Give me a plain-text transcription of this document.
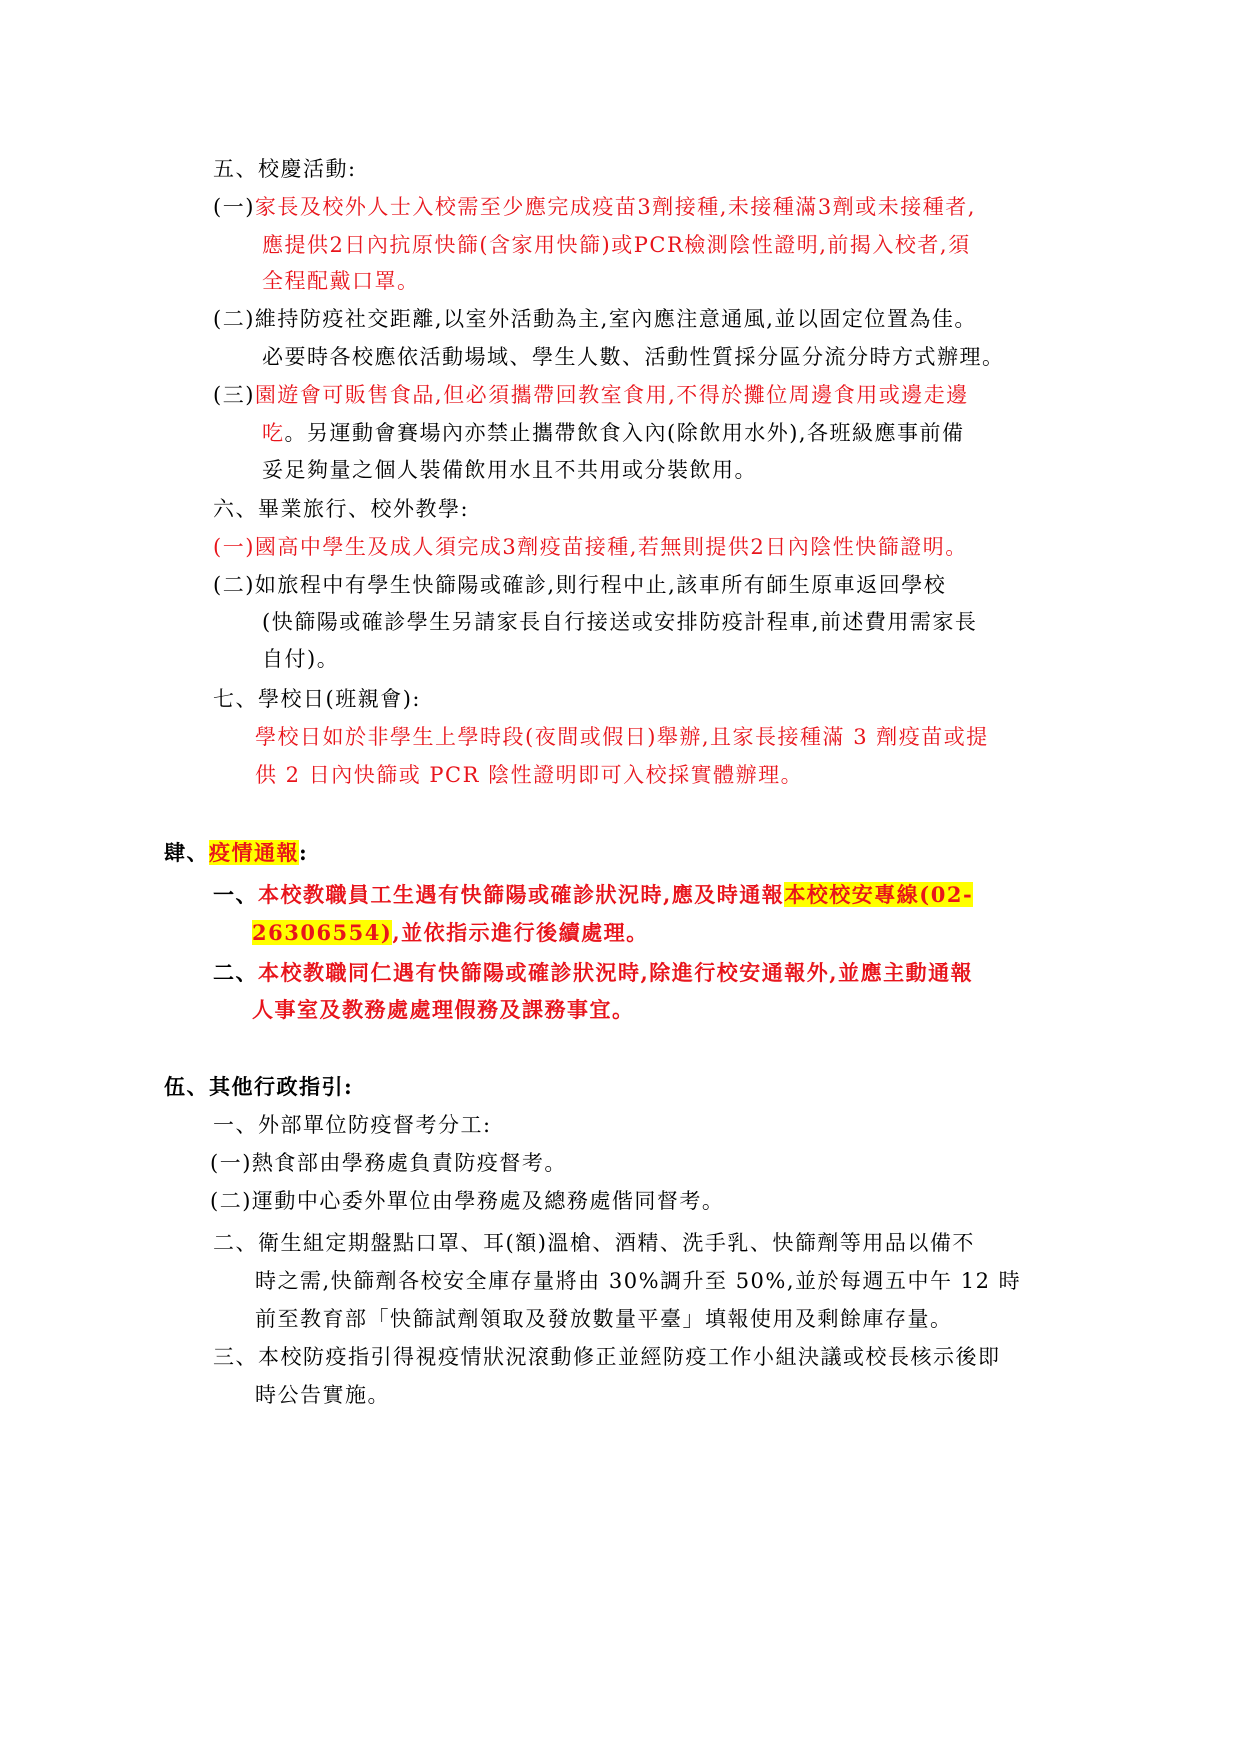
五、校慶活動:
(一)家長及校外人士入校需至少應完成疫苗3劑接種,未接種滿3劑或未接種者,
應提供2日內抗原快篩(含家用快篩)或PCR檢測陰性證明,前揭入校者,須
全程配戴口罩。
(二)維持防疫社交距離,以室外活動為主,室內應注意通風,並以固定位置為佳。
必要時各校應依活動場域、學生人數、活動性質採分區分流分時方式辦理。
(三)園遊會可販售食品,但必須攜帶回教室食用,不得於攤位周邊食用或邊走邊
吃。另運動會賽場內亦禁止攜帶飲食入內(除飲用水外),各班級應事前備
妥足夠量之個人裝備飲用水且不共用或分裝飲用。
六、畢業旅行、校外教學:
(一)國高中學生及成人須完成3劑疫苗接種,若無則提供2日內陰性快篩證明。
(二)如旅程中有學生快篩陽或確診,則行程中止,該車所有師生原車返回學校
(快篩陽或確診學生另請家長自行接送或安排防疫計程車,前述費用需家長
自付)。
七、學校日(班親會):
學校日如於非學生上學時段(夜間或假日)舉辦,且家長接種滿 3 劑疫苗或提
供 2 日內快篩或 PCR 陰性證明即可入校採實體辦理。
肆、疫情通報:
一、本校教職員工生遇有快篩陽或確診狀況時,應及時通報本校校安專線(02-
26306554),並依指示進行後續處理。
二、本校教職同仁遇有快篩陽或確診狀況時,除進行校安通報外,並應主動通報
人事室及教務處處理假務及課務事宜。
伍、其他行政指引:
一、外部單位防疫督考分工:
(一)熱食部由學務處負責防疫督考。
(二)運動中心委外單位由學務處及總務處偕同督考。
二、衛生組定期盤點口罩、耳(額)溫槍、酒精、洗手乳、快篩劑等用品以備不
時之需,快篩劑各校安全庫存量將由 30%調升至 50%,並於每週五中午 12 時
前至教育部「快篩試劑領取及發放數量平臺」填報使用及剩餘庫存量。
三、本校防疫指引得視疫情狀況滾動修正並經防疫工作小組決議或校長核示後即
時公告實施。
